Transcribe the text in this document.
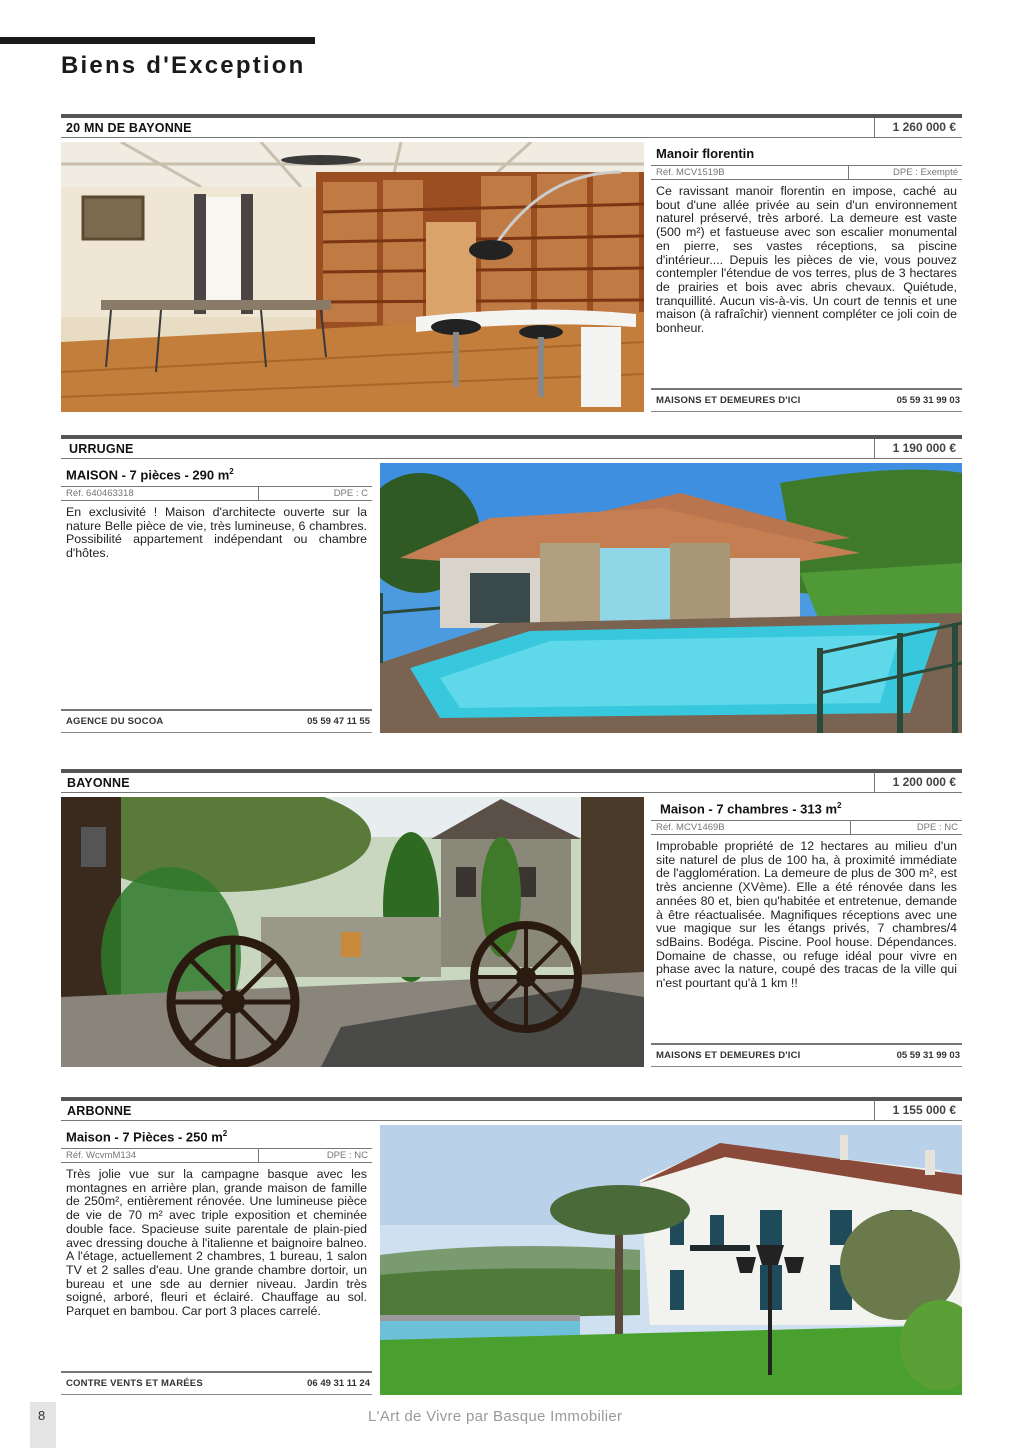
Biens d'Exception
20 MN DE BAYONNE	1 260 000 €
Manoir florentin
Réf. MCV1519B	DPE : Exempté
Ce ravissant manoir florentin en impose, caché au bout d'une allée privée au sein d'un environnement naturel préservé, très arboré. La demeure est vaste (500 m²) et fastueuse avec son escalier monumental en pierre, ses vastes réceptions, sa piscine d'intérieur.... Depuis les pièces de vie, vous pouvez contempler l'étendue de vos terres, plus de 3 hectares de prairies et bois avec abris chevaux. Quiétude, tranquillité. Aucun vis-à-vis. Un court de tennis et une maison (à rafraîchir) viennent compléter ce joli coin de bonheur.
MAISONS ET DEMEURES D'ICI	05 59 31 99 03
URRUGNE	1 190 000 €
MAISON - 7 pièces - 290 $m^2$
Réf. 640463318	DPE : C
En exclusivité ! Maison d'architecte ouverte sur la nature Belle pièce de vie, très lumineuse, 6 chambres. Possibilité appartement indépendant ou chambre d'hôtes.
AGENCE DU SOCOA	05 59 47 11 55
BAYONNE	1 200 000 €
Maison - 7 chambres - 313 $m^2$
Réf. MCV1469B	DPE : NC
Improbable propriété de 12 hectares au milieu d'un site naturel de plus de 100 ha, à proximité immédiate de l'agglomération. La demeure de plus de 300 m², est très ancienne (XVème). Elle a été rénovée dans les années 80 et, bien qu'habitée et entretenue, demande à être réactualisée. Magnifiques réceptions avec une vue magique sur les étangs privés, 7 chambres/4 sdBains. Bodéga. Piscine. Pool house. Dépendances. Domaine de chasse, ou refuge idéal pour vivre en phase avec la nature, coupé des tracas de la ville qui n'est pourtant qu'à 1 km !!
MAISONS ET DEMEURES D'ICI	05 59 31 99 03
ARBONNE	1 155 000 €
Maison - 7 Pièces - 250 $m^2$
Réf. WcvmM134	DPE : NC
Très jolie vue sur la campagne basque avec les montagnes en arrière plan, grande maison de famille de 250m², entièrement rénovée. Une lumineuse pièce de vie de 70 m² avec triple exposition et cheminée double face. Spacieuse suite parentale de plain-pied avec dressing douche à l'italienne et baignoire balneo. A l'étage, actuellement 2 chambres, 1 bureau, 1 salon TV et 2 salles d'eau. Une grande chambre dortoir, un bureau et une sde au dernier niveau. Jardin très soigné, arboré, fleuri et éclairé. Chauffage au sol. Parquet en bambou. Car port 3 places carrelé.
CONTRE VENTS ET MARÉES	06 49 31 11 24
8	L'Art de Vivre par Basque Immobilier
